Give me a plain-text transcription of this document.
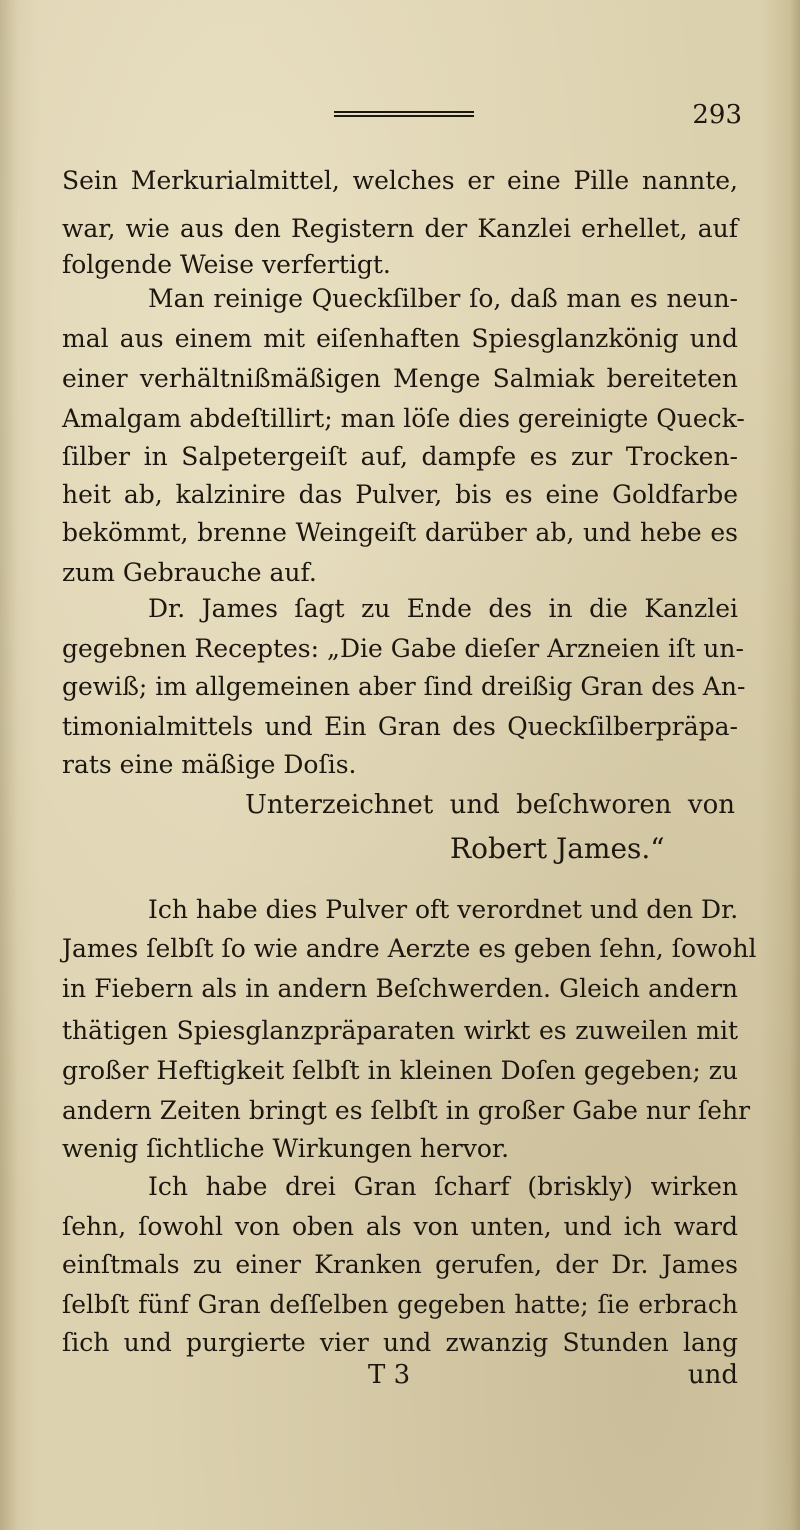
293
Sein Merkurialmittel, welches er eine Pille nannte,
war, wie aus den Registern der Kanzlei erhellet, auf
folgende Weise verfertigt.
Man reinige Queckſilber ſo, daß man es neun-
mal aus einem mit eiſenhaften Spiesglanzkönig und
einer verhältnißmäßigen Menge Salmiak bereiteten
Amalgam abdeſtillirt; man löſe dies gereinigte Queck-
ſilber in Salpetergeiſt auf, dampfe es zur Trocken-
heit ab, kalzinire das Pulver, bis es eine Goldfarbe
bekömmt, brenne Weingeiſt darüber ab, und hebe es
zum Gebrauche auf.
Dr. James ſagt zu Ende des in die Kanzlei
gegebnen Receptes: „Die Gabe dieſer Arzneien iſt un-
gewiß; im allgemeinen aber ſind dreißig Gran des An-
timonialmittels und Ein Gran des Queckſilberpräpa-
rats eine mäßige Doſis.
Unterzeichnet und beſchworen von
Robert James.“
Ich habe dies Pulver oft verordnet und den Dr.
James ſelbſt ſo wie andre Aerzte es geben ſehn, ſowohl
in Fiebern als in andern Beſchwerden. Gleich andern
thätigen Spiesglanzpräparaten wirkt es zuweilen mit
großer Heftigkeit ſelbſt in kleinen Doſen gegeben; zu
andern Zeiten bringt es ſelbſt in großer Gabe nur ſehr
wenig ſichtliche Wirkungen hervor.
Ich habe drei Gran ſcharf (briskly) wirken
ſehn, ſowohl von oben als von unten, und ich ward
einſtmals zu einer Kranken gerufen, der Dr. James
ſelbſt fünf Gran deſſelben gegeben hatte; ſie erbrach
ſich und purgierte vier und zwanzig Stunden lang
T 3	und
